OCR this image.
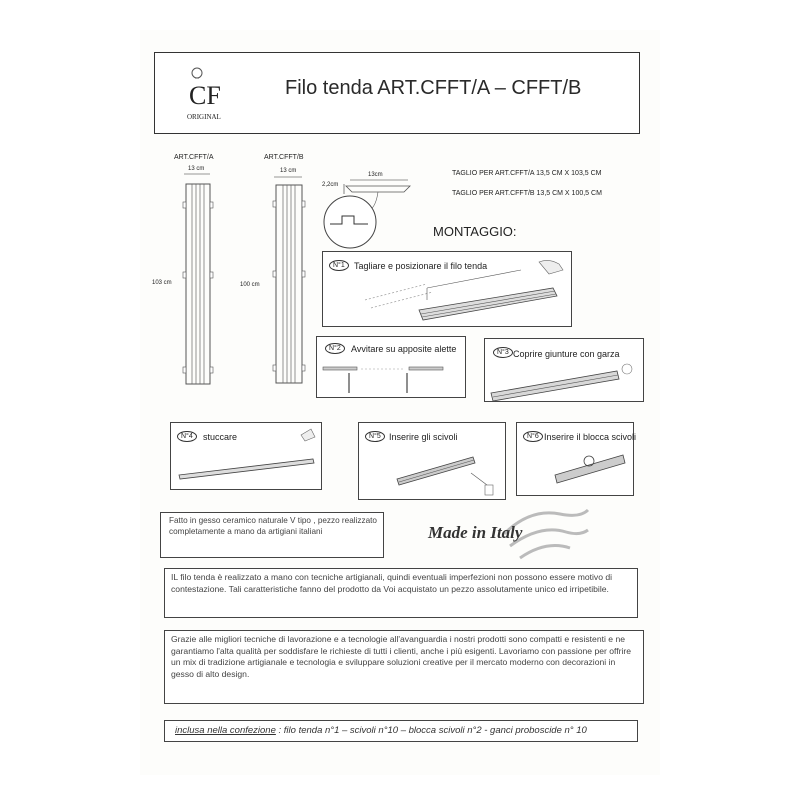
CF
ORIGINAL
Filo tenda ART.CFFT/A – CFFT/B
ART.CFFT/A
13 cm
103 cm
ART.CFFT/B
13 cm
100 cm
13cm
2,2cm
TAGLIO PER ART.CFFT/A 13,5 CM X 103,5 CM
TAGLIO PER ART.CFFT/B 13,5 CM X 100,5 CM
MONTAGGIO:
N°1	Tagliare e posizionare il filo tenda
N°2	Avvitare su apposite alette	N°3 Coprire giunture con garza
N°4	stuccare	N°5 Inserire gli scivoli	N°6 Inserire il blocca scivoli
Fatto in gesso ceramico naturale V tipo , pezzo realizzato completamente a mano da artigiani italiani	Made in Italy
IL filo tenda è realizzato a mano con tecniche artigianali, quindi eventuali imperfezioni non possono essere motivo di contestazione. Tali caratteristiche fanno del prodotto da Voi acquistato un pezzo assolutamente unico ed irripetibile.
Grazie alle migliori tecniche di lavorazione e a tecnologie all'avanguardia i nostri prodotti sono compatti e resistenti e ne garantiamo l'alta qualità per soddisfare le richieste di tutti i clienti, anche i più esigenti. Lavoriamo con passione per offrire un mix di tradizione artigianale e tecnologia e sviluppare soluzioni creative per il mercato moderno con decorazioni in gesso di alto design.
inclusa nella confezione : filo tenda n°1 – scivoli n°10 – blocca scivoli n°2 - ganci proboscide n° 10
